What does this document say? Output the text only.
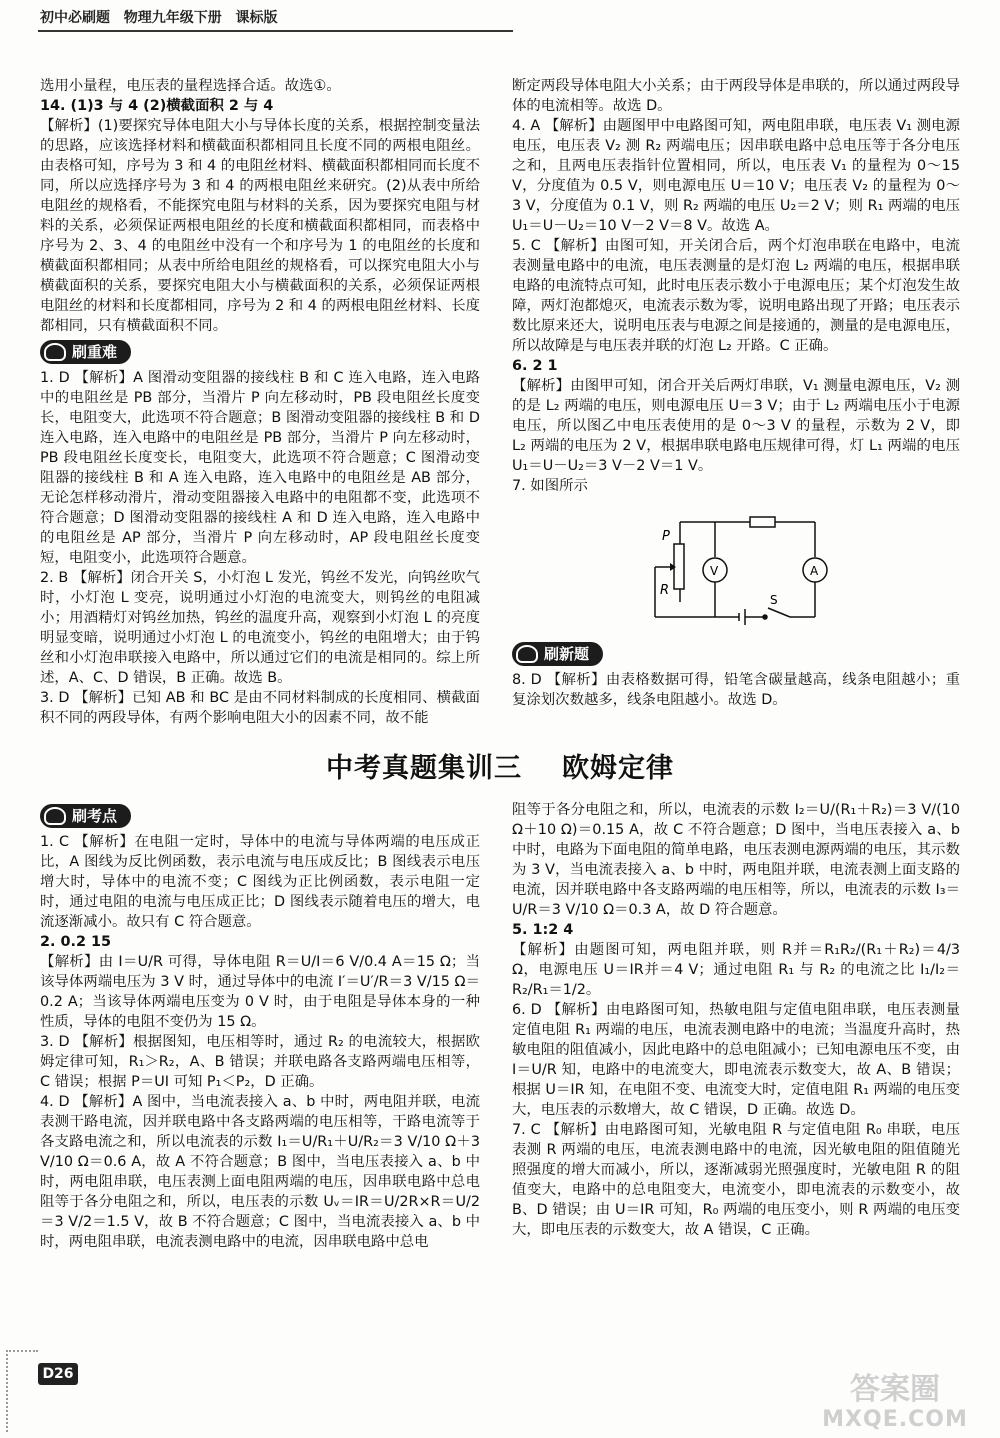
初中必刷题 物理九年级下册 课标版

选用小量程，电压表的量程选择合适。故选①。

14. (1)3 与 4 (2)横截面积 2 与 4

【解析】(1)要探究导体电阻大小与导体长度的关系，根据控制变量法的思路，应该选择材料和横截面积都相同且长度不同的两根电阻丝。由表格可知，序号为 3 和 4 的电阻丝材料、横截面积都相同而长度不同，所以应选择序号为 3 和 4 的两根电阻丝来研究。(2)从表中所给电阻丝的规格看，不能探究电阻与材料的关系，因为要探究电阻与材料的关系，必须保证两根电阻丝的长度和横截面积都相同，而表格中序号为 2、3、4 的电阻丝中没有一个和序号为 1 的电阻丝的长度和横截面积都相同；从表中所给电阻丝的规格看，可以探究电阻大小与横截面积的关系，要探究电阻大小与横截面积的关系，必须保证两根电阻丝的材料和长度都相同，序号为 2 和 4 的两根电阻丝材料、长度都相同，只有横截面积不同。

刷重难

1. D 【解析】A 图滑动变阻器的接线柱 B 和 C 连入电路，连入电路中的电阻丝是 PB 部分，当滑片 P 向左移动时，PB 段电阻丝长度变长，电阻变大，此选项不符合题意；B 图滑动变阻器的接线柱 B 和 D 连入电路，连入电路中的电阻丝是 PB 部分，当滑片 P 向左移动时，PB 段电阻丝长度变长，电阻变大，此选项不符合题意；C 图滑动变阻器的接线柱 B 和 A 连入电路，连入电路中的电阻丝是 AB 部分，无论怎样移动滑片，滑动变阻器接入电路中的电阻都不变，此选项不符合题意；D 图滑动变阻器的接线柱 A 和 D 连入电路，连入电路中的电阻丝是 AP 部分，当滑片 P 向左移动时，AP 段电阻丝长度变短，电阻变小，此选项符合题意。

2. B 【解析】闭合开关 S，小灯泡 L 发光，钨丝不发光，向钨丝吹气时，小灯泡 L 变亮，说明通过小灯泡的电流变大，则钨丝的电阻减小；用酒精灯对钨丝加热，钨丝的温度升高，观察到小灯泡 L 的亮度明显变暗，说明通过小灯泡 L 的电流变小，钨丝的电阻增大；由于钨丝和小灯泡串联接入电路中，所以通过它们的电流是相同的。综上所述，A、C、D 错误，B 正确。故选 B。

3. D 【解析】已知 AB 和 BC 是由不同材料制成的长度相同、横截面积不同的两段导体，有两个影响电阻大小的因素不同，故不能

断定两段导体电阻大小关系；由于两段导体是串联的，所以通过两段导体的电流相等。故选 D。

4. A 【解析】由题图甲中电路图可知，两电阻串联，电压表 V₁ 测电源电压，电压表 V₂ 测 R₂ 两端电压；因串联电路中总电压等于各分电压之和，且两电压表指针位置相同，所以，电压表 V₁ 的量程为 0～15 V，分度值为 0.5 V，则电源电压 U＝10 V；电压表 V₂ 的量程为 0～3 V，分度值为 0.1 V，则 R₂ 两端的电压 U₂＝2 V；则 R₁ 两端的电压 U₁＝U－U₂＝10 V－2 V＝8 V。故选 A。

5. C 【解析】由图可知，开关闭合后，两个灯泡串联在电路中，电流表测量电路中的电流，电压表测量的是灯泡 L₂ 两端的电压，根据串联电路的电流特点可知，此时电压表示数小于电源电压；某个灯泡发生故障，两灯泡都熄灭，电流表示数为零，说明电路出现了开路；电压表示数比原来还大，说明电压表与电源之间是接通的，测量的是电源电压，所以故障是与电压表并联的灯泡 L₂ 开路。C 正确。

6. 2 1

【解析】由图甲可知，闭合开关后两灯串联，V₁ 测量电源电压，V₂ 测的是 L₂ 两端的电压，则电源电压 U＝3 V；由于 L₂ 两端电压小于电源电压，所以图乙中电压表使用的是 0～3 V 的量程，示数为 2 V，即 L₂ 两端的电压为 2 V，根据串联电路电压规律可得，灯 L₁ 两端的电压 U₁＝U－U₂＝3 V－2 V＝1 V。

7. 如图所示

P
R
V	A
S
刷新题

8. D 【解析】由表格数据可得，铅笔含碳量越高，线条电阻越小；重复涂划次数越多，线条电阻越小。故选 D。

中考真题集训三 欧姆定律
刷考点

1. C 【解析】在电阻一定时，导体中的电流与导体两端的电压成正比，A 图线为反比例函数，表示电流与电压成反比；B 图线表示电压增大时，导体中的电流不变；C 图线为正比例函数，表示电阻一定时，通过电阻的电流与电压成正比；D 图线表示随着电压的增大，电流逐渐减小。故只有 C 符合题意。

2. 0.2 15

【解析】由 I＝U/R 可得，导体电阻 R＝U/I＝6 V/0.4 A＝15 Ω；当该导体两端电压为 3 V 时，通过导体中的电流 I′＝U′/R＝3 V/15 Ω＝0.2 A；当该导体两端电压变为 0 V 时，由于电阻是导体本身的一种性质，导体的电阻不变仍为 15 Ω。

3. D 【解析】根据图知，电压相等时，通过 R₂ 的电流较大，根据欧姆定律可知，R₁＞R₂，A、B 错误；并联电路各支路两端电压相等，C 错误；根据 P＝UI 可知 P₁＜P₂，D 正确。

4. D 【解析】A 图中，当电流表接入 a、b 中时，两电阻并联，电流表测干路电流，因并联电路中各支路两端的电压相等，干路电流等于各支路电流之和，所以电流表的示数 I₁＝U/R₁＋U/R₂＝3 V/10 Ω＋3 V/10 Ω＝0.6 A，故 A 不符合题意；B 图中，当电压表接入 a、b 中时，两电阻串联，电压表测上面电阻两端的电压，因串联电路中总电阻等于各分电阻之和，所以，电压表的示数 Uᵥ＝IR＝U/2R×R＝U/2＝3 V/2＝1.5 V，故 B 不符合题意；C 图中，当电流表接入 a、b 中时，两电阻串联，电流表测电路中的电流，因串联电路中总电

阻等于各分电阻之和，所以，电流表的示数 I₂＝U/(R₁＋R₂)＝3 V/(10 Ω＋10 Ω)＝0.15 A，故 C 不符合题意；D 图中，当电压表接入 a、b 中时，电路为下面电阻的简单电路，电压表测电源两端的电压，其示数为 3 V，当电流表接入 a、b 中时，两电阻并联，电流表测上面支路的电流，因并联电路中各支路两端的电压相等，所以，电流表的示数 I₃＝U/R＝3 V/10 Ω＝0.3 A，故 D 符合题意。

5. 1:2 4

【解析】由题图可知，两电阻并联，则 R并＝R₁R₂/(R₁＋R₂)＝4/3 Ω，电源电压 U＝IR并＝4 V；通过电阻 R₁ 与 R₂ 的电流之比 I₁/I₂＝R₂/R₁＝1/2。

6. D 【解析】由电路图可知，热敏电阻与定值电阻串联，电压表测量定值电阻 R₁ 两端的电压，电流表测电路中的电流；当温度升高时，热敏电阻的阻值减小，因此电路中的总电阻减小；已知电源电压不变，由 I＝U/R 知，电路中的电流变大，即电流表示数变大，故 A、B 错误；根据 U＝IR 知，在电阻不变、电流变大时，定值电阻 R₁ 两端的电压变大，电压表的示数增大，故 C 错误，D 正确。故选 D。

7. C 【解析】由电路图可知，光敏电阻 R 与定值电阻 R₀ 串联，电压表测 R 两端的电压，电流表测电路中的电流，因光敏电阻的阻值随光照强度的增大而减小，所以，逐渐减弱光照强度时，光敏电阻 R 的阻值变大，电路中的总电阻变大，电流变小，即电流表的示数变小，故 B、D 错误；由 U＝IR 可知，R₀ 两端的电压变小，则 R 两端的电压变大，即电压表的示数变大，故 A 错误，C 正确。

D26	答案圈
MXQE.COM
